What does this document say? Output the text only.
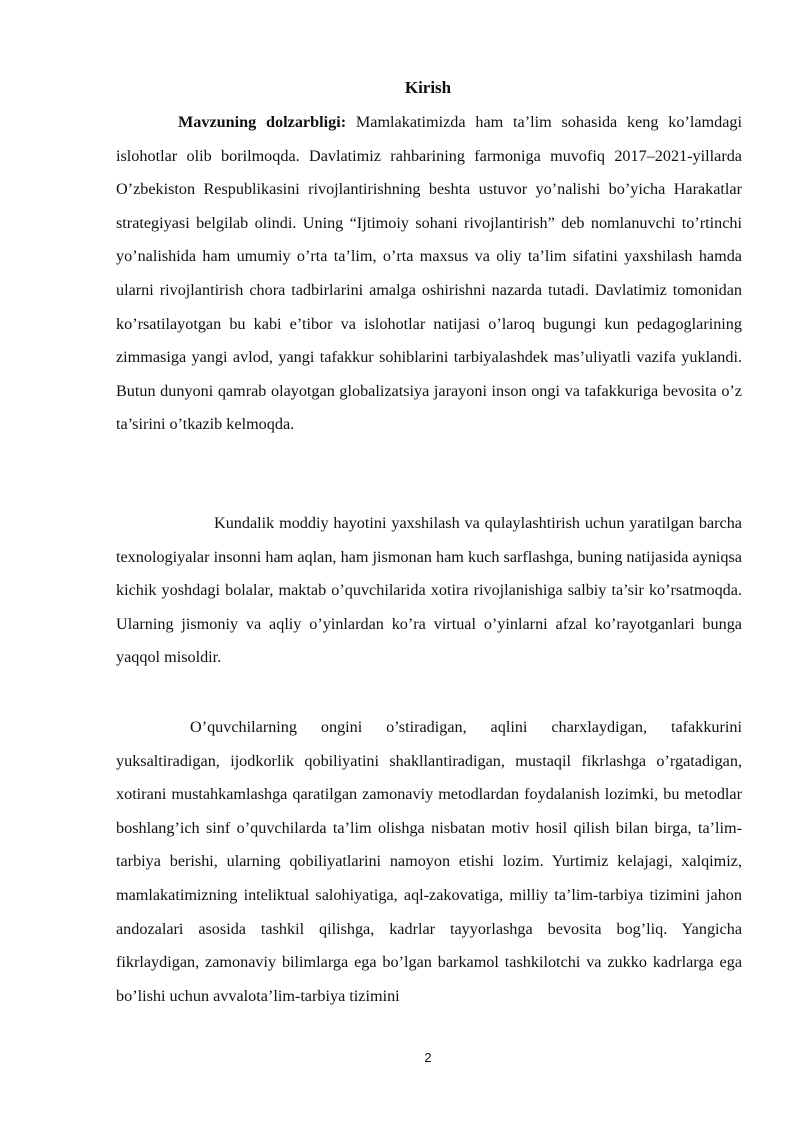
Kirish

Mavzuning dolzarbligi: Mamlakatimizda ham ta’lim sohasida keng ko’lamdagi islohotlar olib borilmoqda. Davlatimiz rahbarining farmoniga muvofiq 2017–2021-yillarda O’zbekiston Respublikasini rivojlantirishning beshta ustuvor yo’nalishi bo’yicha Harakatlar strategiyasi belgilab olindi. Uning “Ijtimoiy sohani rivojlantirish” deb nomlanuvchi to’rtinchi yo’nalishida ham umumiy o’rta ta’lim, o’rta maxsus va oliy ta’lim sifatini yaxshilash hamda ularni rivojlantirish chora tadbirlarini amalga oshirishni nazarda tutadi. Davlatimiz tomonidan ko’rsatilayotgan bu kabi e’tibor va islohotlar natijasi o’laroq bugungi kun pedagoglarining zimmasiga yangi avlod, yangi tafakkur sohiblarini tarbiyalashdek mas’uliyatli vazifa yuklandi. Butun dunyoni qamrab olayotgan globalizatsiya jarayoni inson ongi va tafakkuriga bevosita o’z ta’sirini o’tkazib kelmoqda.

Kundalik moddiy hayotini yaxshilash va qulaylashtirish uchun yaratilgan barcha texnologiyalar insonni ham aqlan, ham jismonan ham kuch sarflashga, buning natijasida ayniqsa kichik yoshdagi bolalar, maktab o’quvchilarida xotira rivojlanishiga salbiy ta’sir ko’rsatmoqda. Ularning jismoniy va aqliy o’yinlardan ko’ra virtual o’yinlarni afzal ko’rayotganlari bunga yaqqol misoldir.

O’quvchilarning ongini o’stiradigan, aqlini charxlaydigan, tafakkurini yuksaltiradigan, ijodkorlik qobiliyatini shakllantiradigan, mustaqil fikrlashga o’rgatadigan, xotirani mustahkamlashga qaratilgan zamonaviy metodlardan foydalanish lozimki, bu metodlar boshlang’ich sinf o’quvchilarda ta’lim olishga nisbatan motiv hosil qilish bilan birga, ta’lim-tarbiya berishi, ularning qobiliyatlarini namoyon etishi lozim. Yurtimiz kelajagi, xalqimiz, mamlakatimizning inteliktual salohiyatiga, aql-zakovatiga, milliy ta’lim-tarbiya tizimini jahon andozalari asosida tashkil qilishga, kadrlar tayyorlashga bevosita bog’liq. Yangicha fikrlaydigan, zamonaviy bilimlarga ega bo’lgan barkamol tashkilotchi va zukko kadrlarga ega bo’lishi uchun avvalota’lim-tarbiya tizimini

2
